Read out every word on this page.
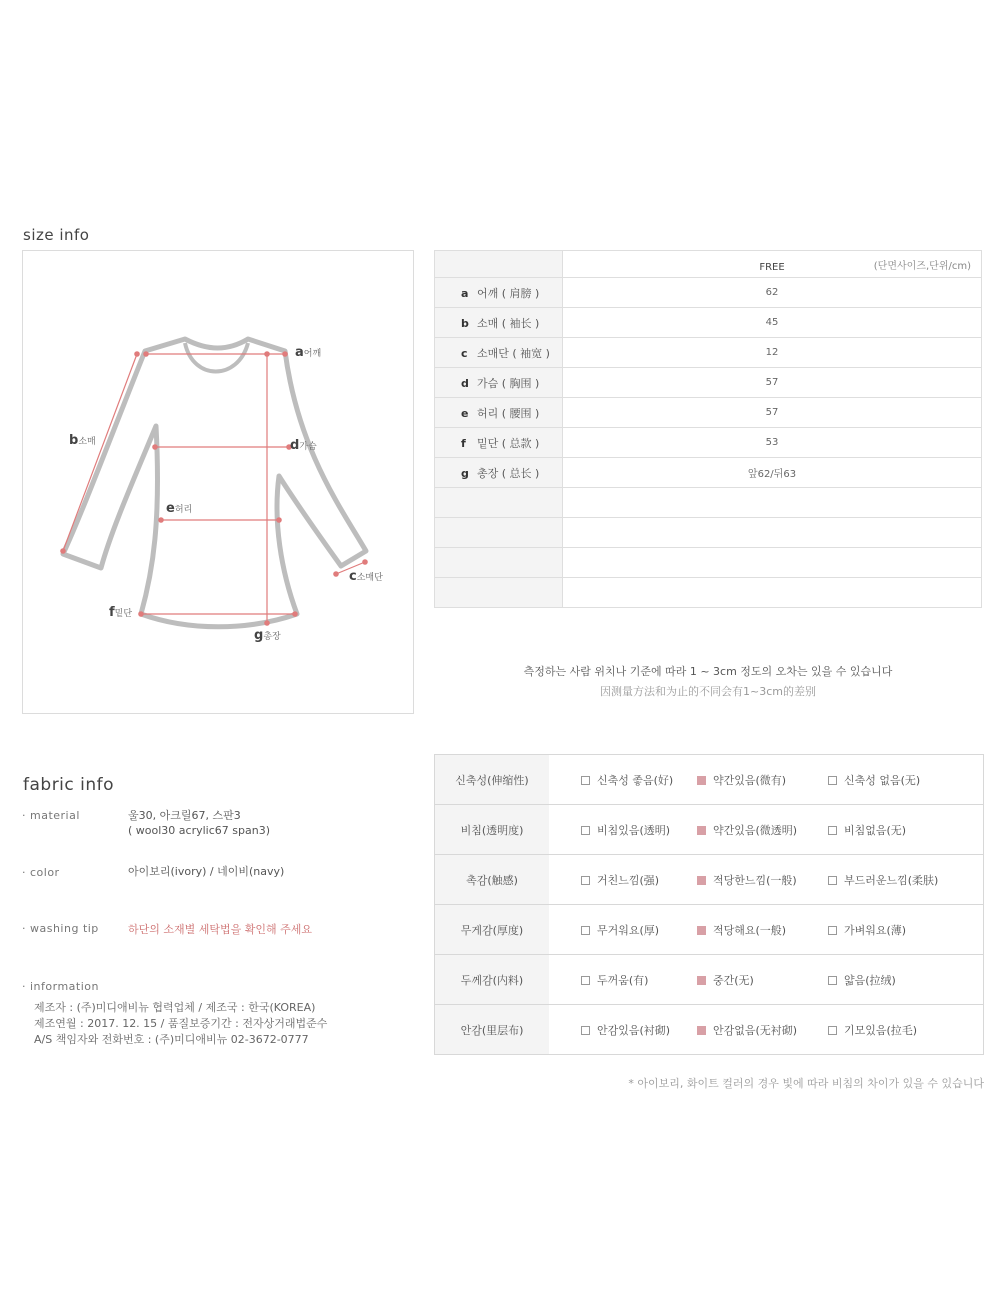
size info
a어깨
b소매
c소매단
d가슴
e허리
f밑단
g총장
	FREE (단면사이즈,단위/cm)

a 어깨 ( 肩膀 )	62
b 소매 ( 袖长 )	45
c 소매단 ( 袖宽 )	12
d 가슴 ( 胸围 )	57
e 허리 ( 腰围 )	57
f 밑단 ( 总款 )	53
g 총장 ( 总长 )	앞62/뒤63

측정하는 사람 위치나 기준에 따라 1 ~ 3cm 정도의 오차는 있을 수 있습니다
因测量方法和为止的不同会有1~3cm的差别
fabric info
· material	울30, 아크릴67, 스판3
( wool30 acrylic67 span3)
· color	아이보리(ivory) / 네이비(navy)
· washing tip	하단의 소재별 세탁법을 확인해 주세요
· information
제조자 : (주)미디애비뉴 협력업체 / 제조국 : 한국(KOREA)
제조연월 : 2017. 12. 15 / 품질보증기간 : 전자상거래법준수
A/S 책임자와 전화번호 : (주)미디애비뉴 02-3672-0777
신축성(伸缩性)	신축성 좋음(好) 약간있음(微有) 신축성 없음(无)

비침(透明度)	비침있음(透明) 약간있음(微透明) 비침없음(无)

촉감(触感)	거친느낌(强) 적당한느낌(一般) 부드러운느낌(柔肤)

무게감(厚度)	무거워요(厚) 적당해요(一般) 가벼워요(薄)

두께감(内料)	두꺼움(有) 중간(无) 얇음(拉绒)

안감(里层布)	안감있음(衬砌) 안감없음(无衬砌) 기모있음(拉毛)
* 아이보리, 화이트 컬러의 경우 빛에 따라 비침의 차이가 있을 수 있습니다
